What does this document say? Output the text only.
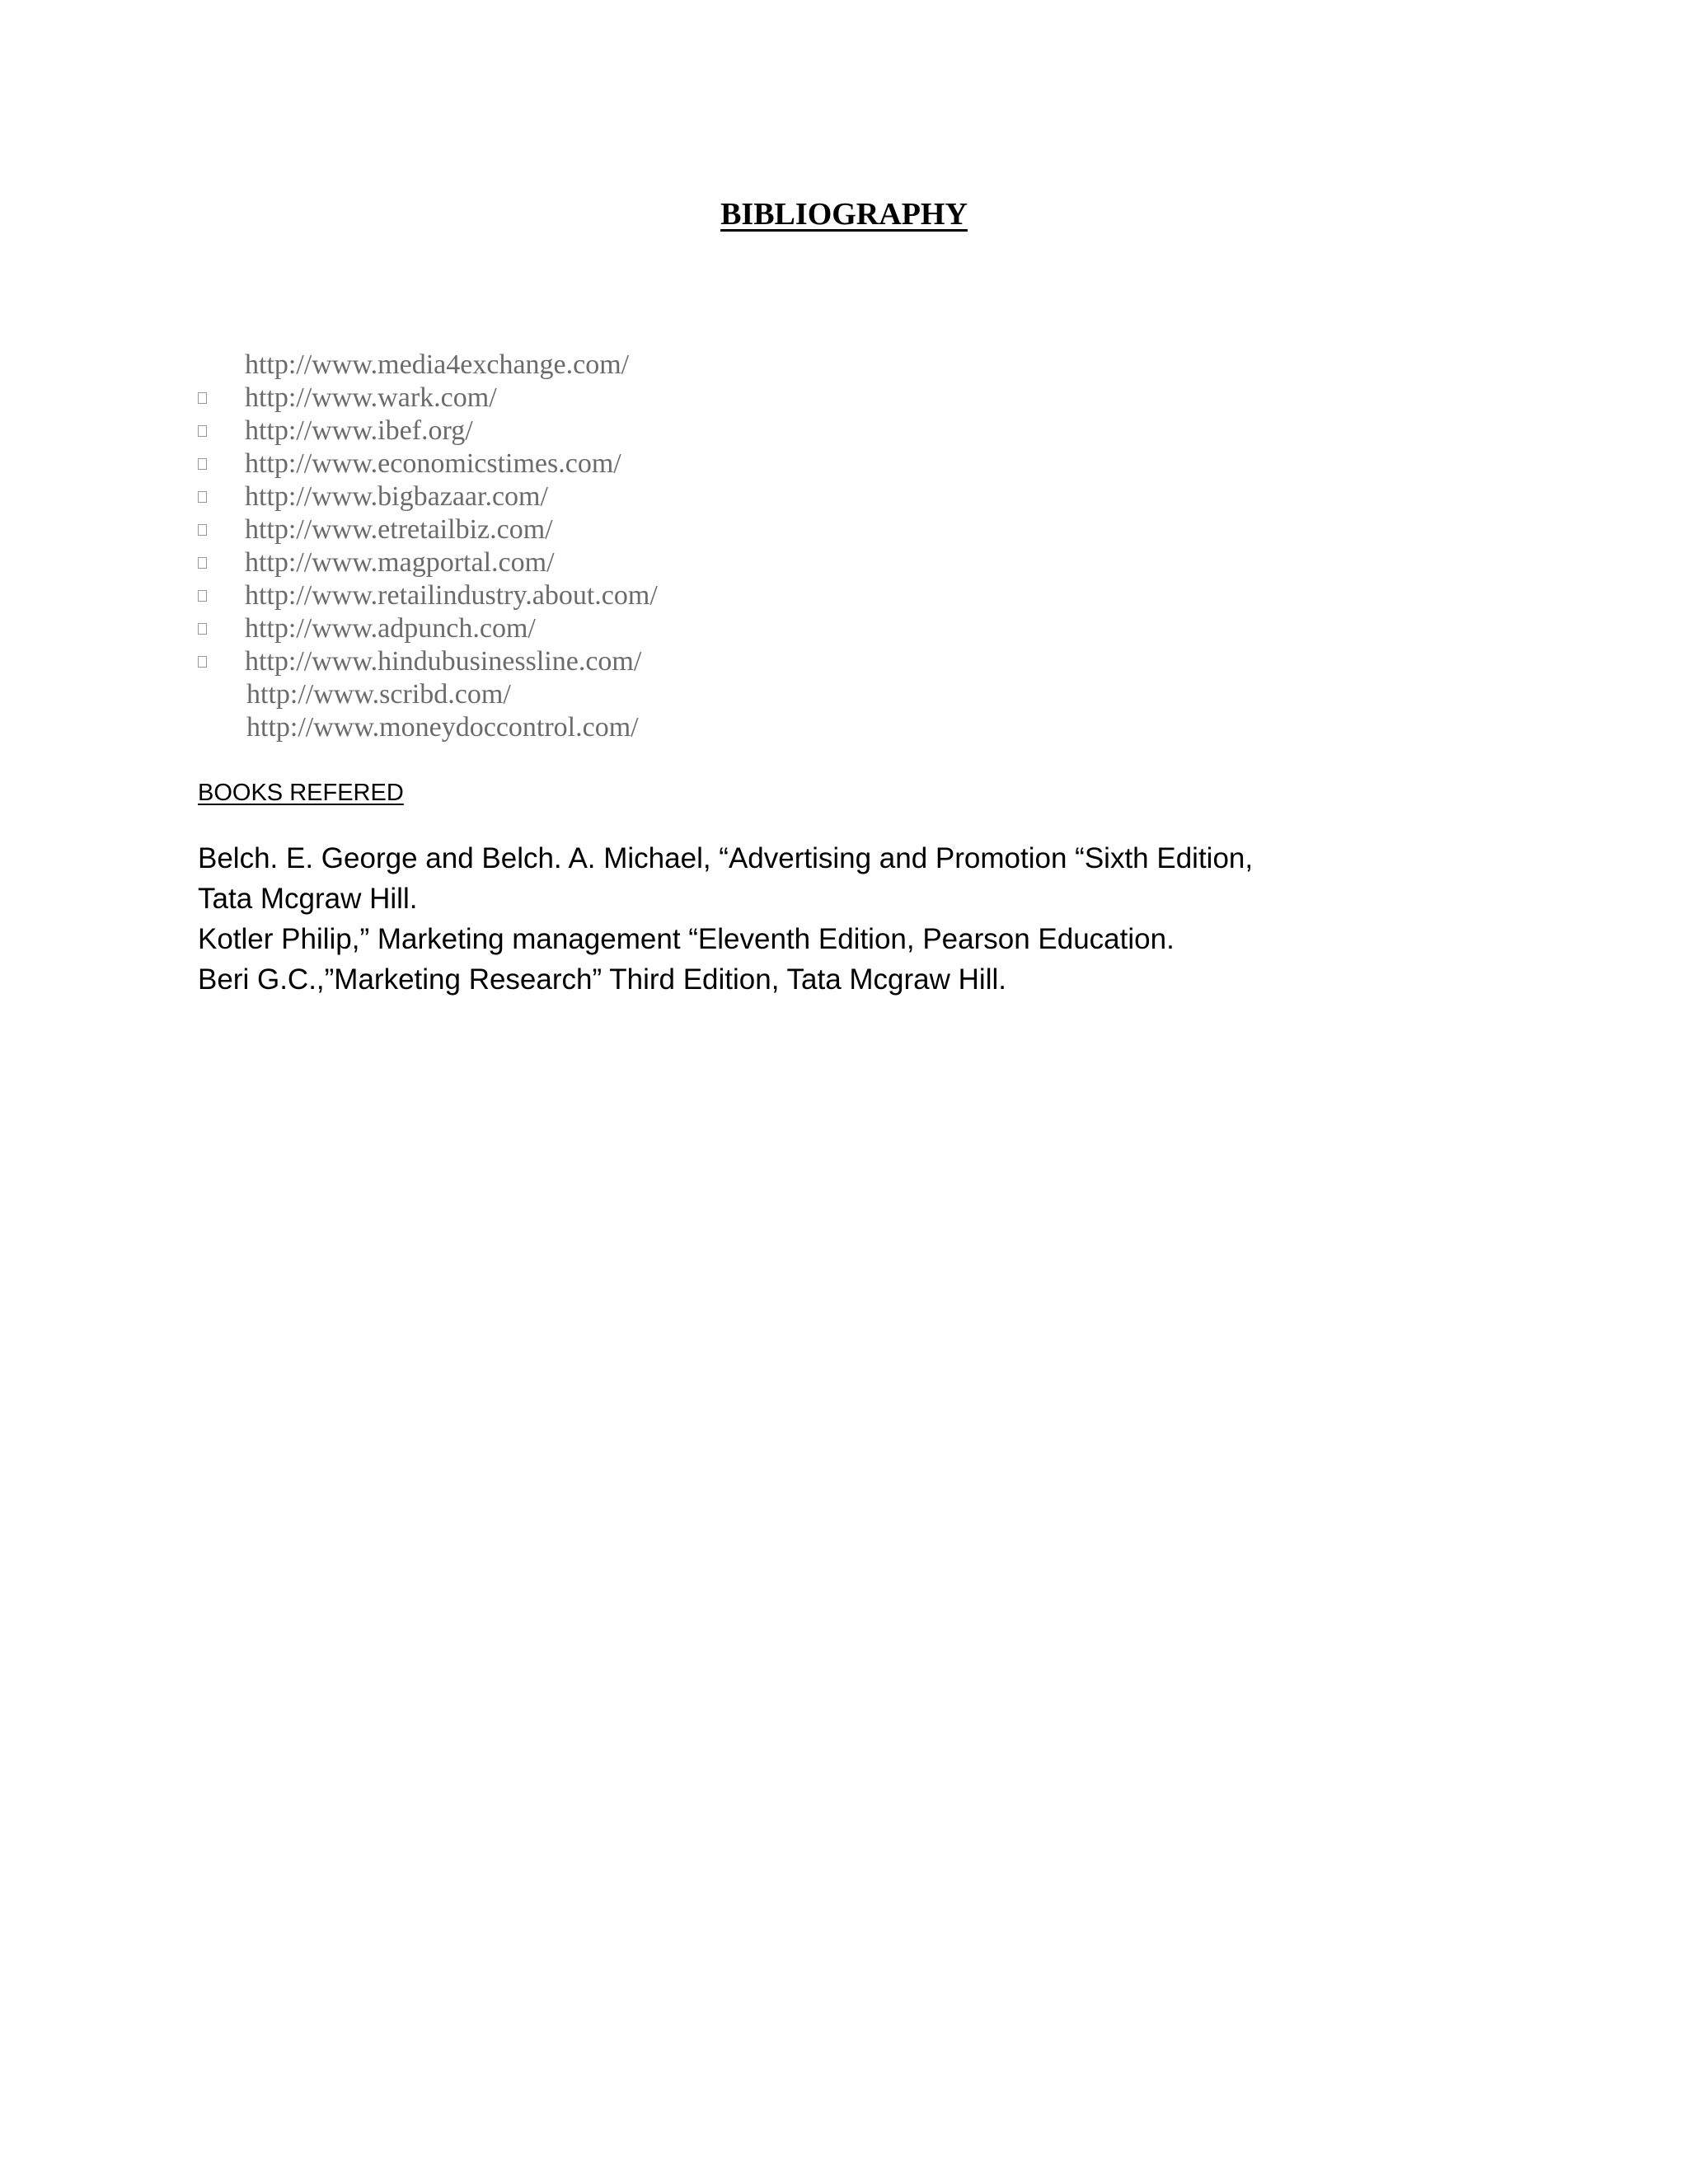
BIBLIOGRAPHY
http://www.media4exchange.com/
http://www.wark.com/
http://www.ibef.org/
http://www.economicstimes.com/
http://www.bigbazaar.com/
http://www.etretailbiz.com/
http://www.magportal.com/
http://www.retailindustry.about.com/
http://www.adpunch.com/
http://www.hindubusinessline.com/
http://www.scribd.com/
http://www.moneydoccontrol.com/
BOOKS REFERED
Belch. E. George and Belch. A. Michael, “Advertising and Promotion “Sixth Edition,
Tata Mcgraw Hill.
Kotler Philip,” Marketing management “Eleventh Edition, Pearson Education.
Beri G.C.,”Marketing Research” Third Edition, Tata Mcgraw Hill.
